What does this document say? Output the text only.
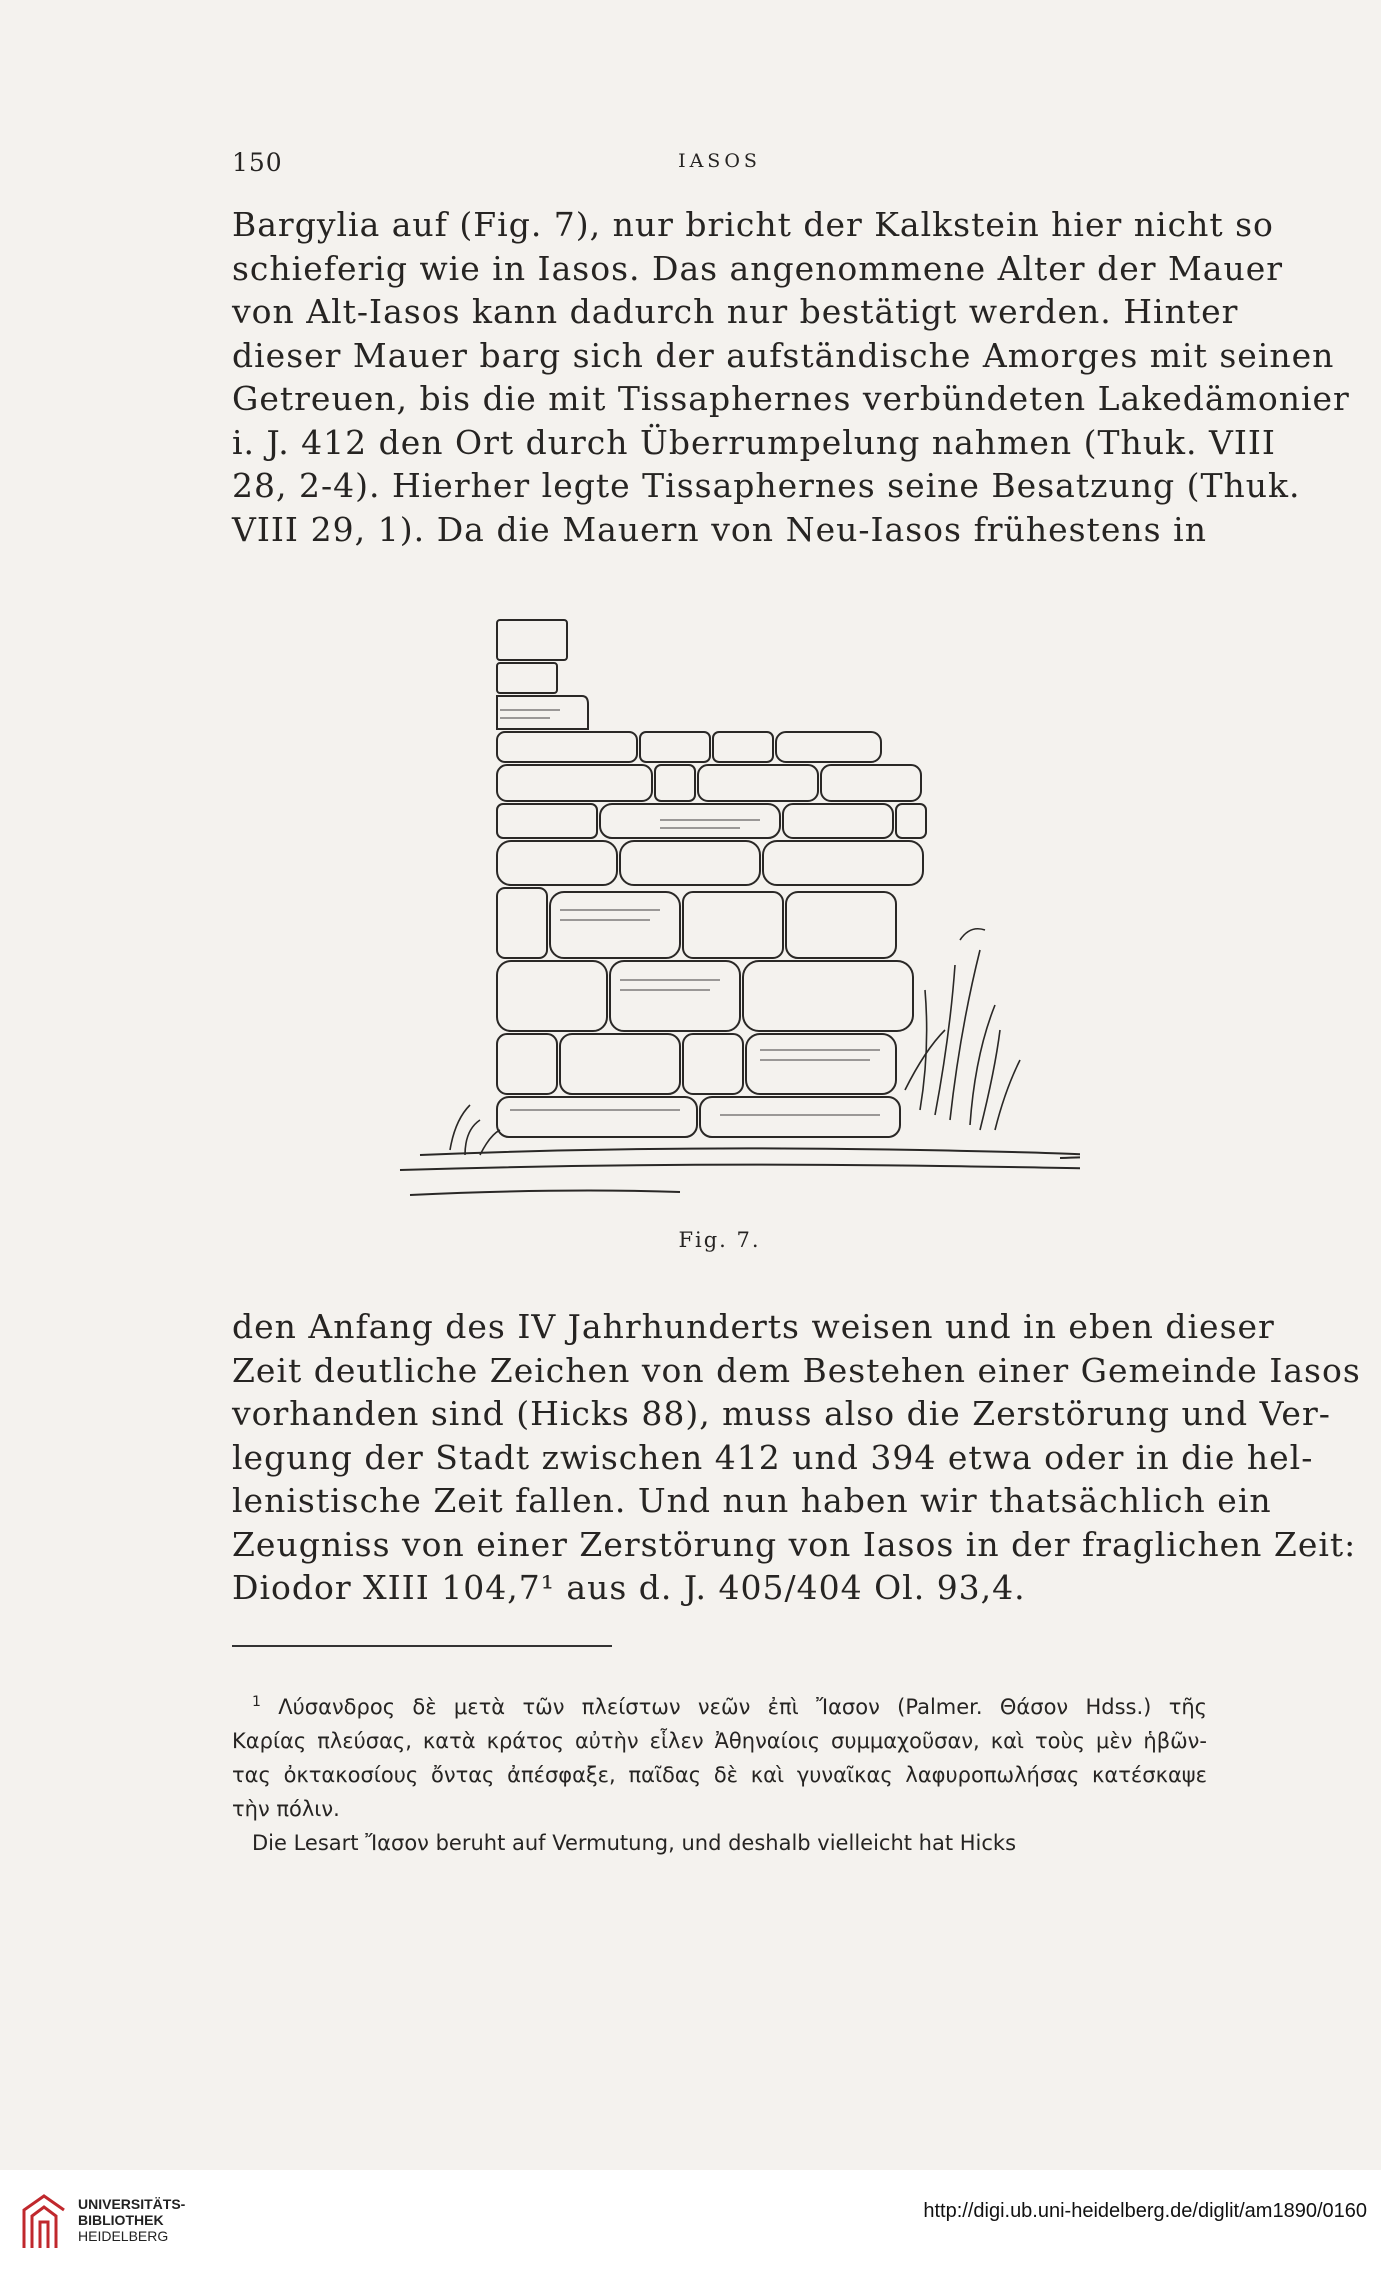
150	IASOS

Bargylia auf (Fig. 7), nur bricht der Kalkstein hier nicht so

schieferig wie in Iasos. Das angenommene Alter der Mauer

von Alt-Iasos kann dadurch nur bestätigt werden. Hinter

dieser Mauer barg sich der aufständische Amorges mit seinen

Getreuen, bis die mit Tissaphernes verbündeten Lakedämonier

i. J. 412 den Ort durch Überrumpelung nahmen (Thuk. VIII

28, 2-4). Hierher legte Tissaphernes seine Besatzung (Thuk.

VIII 29, 1). Da die Mauern von Neu-Iasos frühestens in

Fig. 7.

den Anfang des IV Jahrhunderts weisen und in eben dieser

Zeit deutliche Zeichen von dem Bestehen einer Gemeinde Iasos

vorhanden sind (Hicks 88), muss also die Zerstörung und Ver-

legung der Stadt zwischen 412 und 394 etwa oder in die hel-

lenistische Zeit fallen. Und nun haben wir thatsächlich ein

Zeugniss von einer Zerstörung von Iasos in der fraglichen Zeit:

Diodor XIII 104,7¹ aus d. J. 405/404 Ol. 93,4.

$^1$ Λύσανδρος δὲ μετὰ τῶν πλείστων νεῶν ἐπὶ Ἴασον (Palmer. Θάσον Hdss.) τῆς

Καρίας πλεύσας, κατὰ κράτος αὐτὴν εἷλεν Ἀθηναίοις συμμαχοῦσαν, καὶ τοὺς μὲν ἡβῶν-

τας ὀκτακοσίους ὄντας ἀπέσφαξε, παῖδας δὲ καὶ γυναῖκας λαφυροπωλήσας κατέσκαψε

τὴν πόλιν.

Die Lesart Ἴασον beruht auf Vermutung, und deshalb vielleicht hat Hicks

UNIVERSITÄTS-
BIBLIOTHEK
HEIDELBERG
http://digi.ub.uni-heidelberg.de/diglit/am1890/0160
